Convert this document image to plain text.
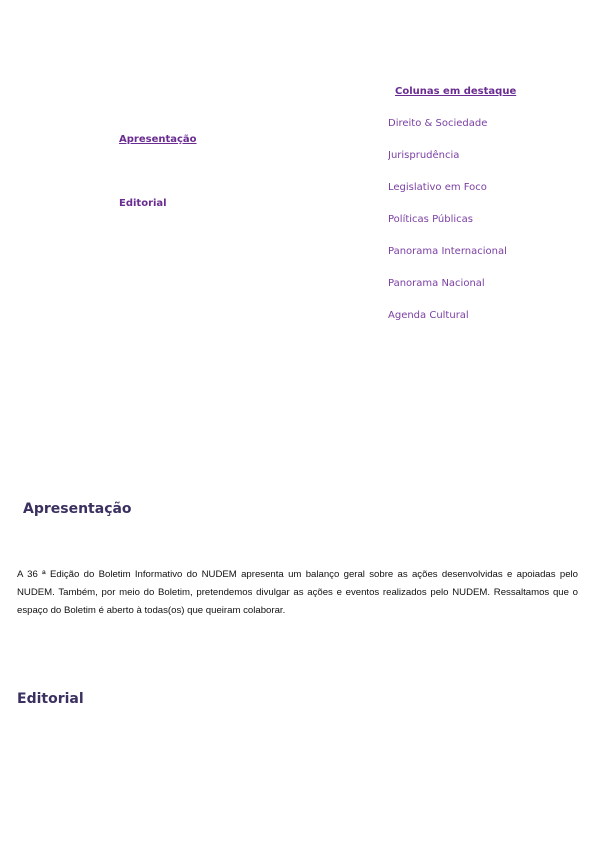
Apresentação
Editorial
Colunas em destaque
Direito & Sociedade
Jurisprudência
Legislativo em Foco
Políticas Públicas
Panorama Internacional
Panorama Nacional
Agenda Cultural
Apresentação

A 36 ª Edição do Boletim Informativo do NUDEM apresenta um balanço geral sobre as ações desenvolvidas e apoiadas pelo NUDEM. Também, por meio do Boletim, pretendemos divulgar as ações e eventos realizados pelo NUDEM. Ressaltamos que o espaço do Boletim é aberto à todas(os) que queiram colaborar.

Editorial
